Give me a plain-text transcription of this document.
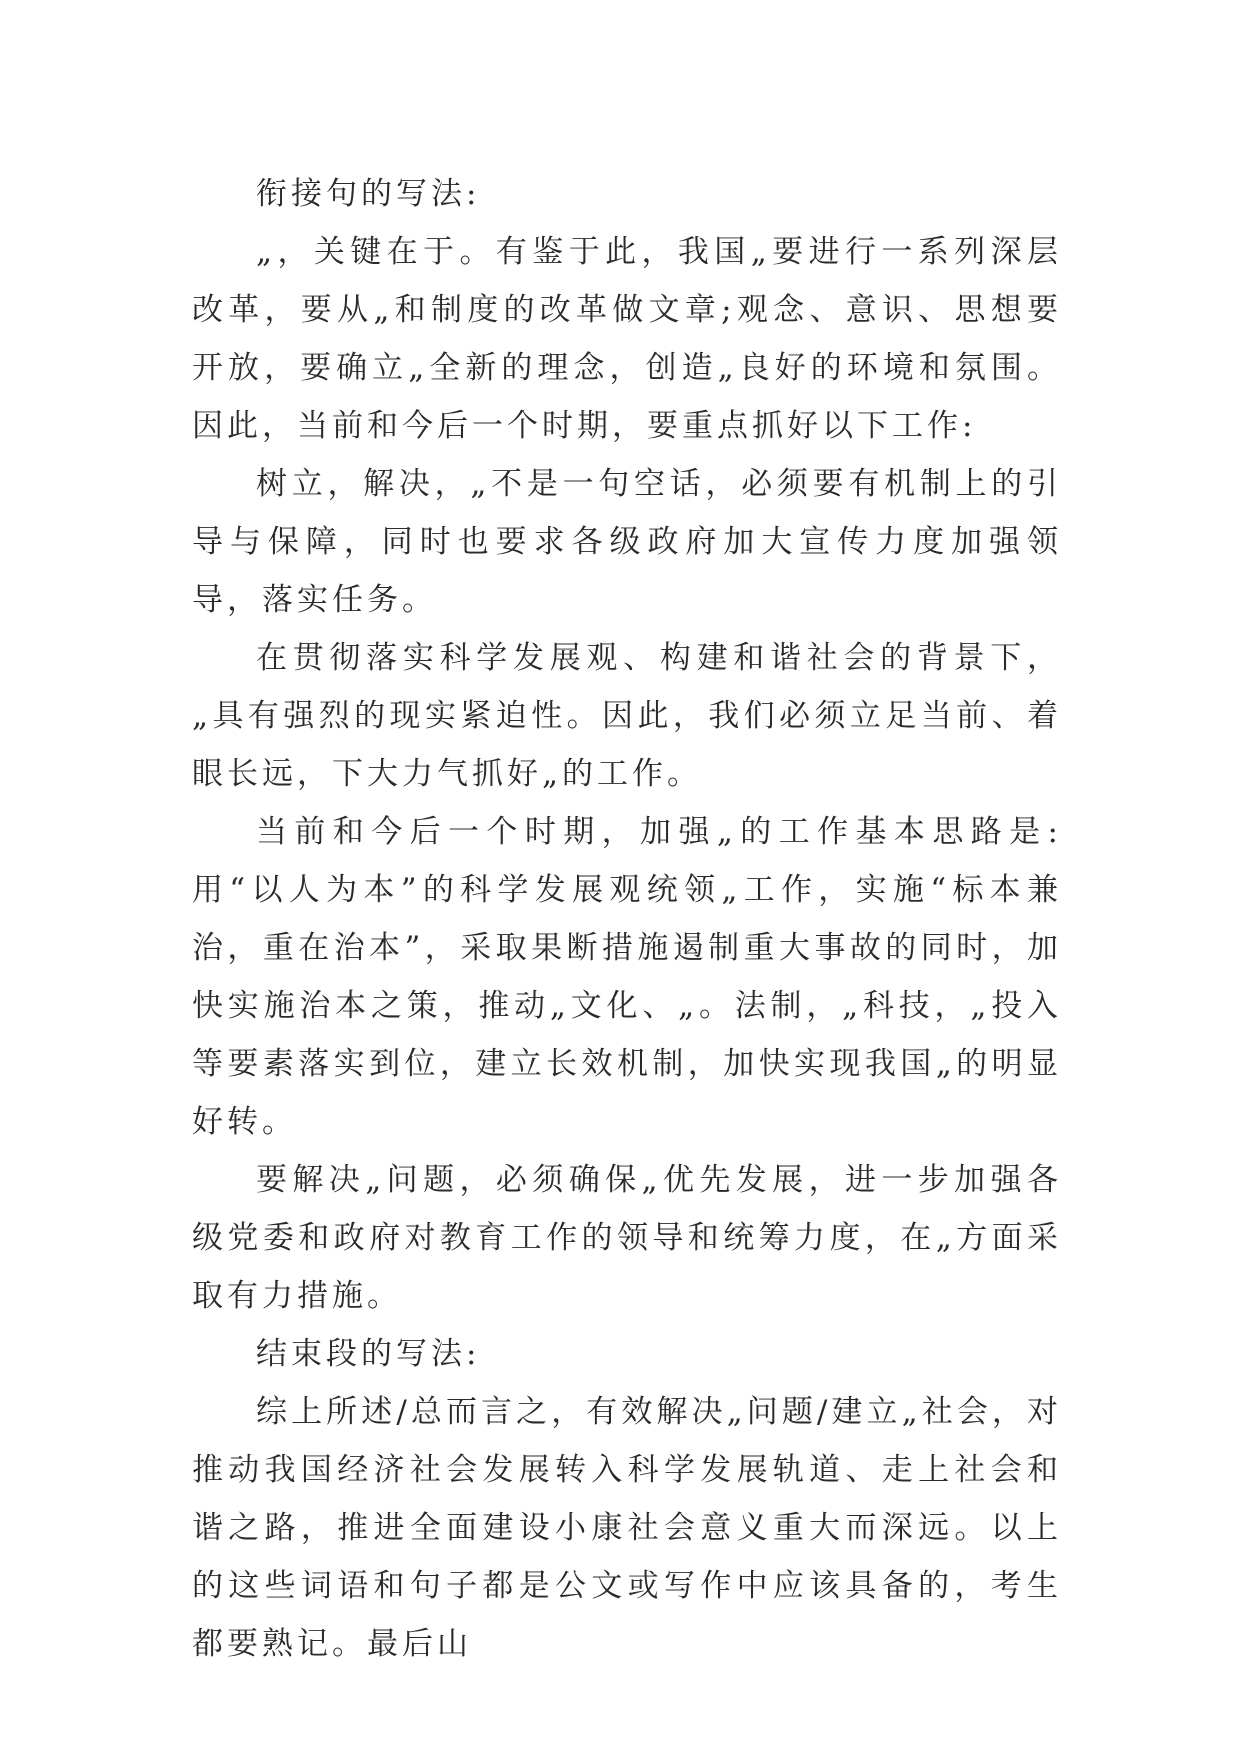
衔接句的写法:

„，关键在于。有鉴于此，我国„要进行一系列深层改革，要从„和制度的改革做文章;观念、意识、思想要开放，要确立„全新的理念，创造„良好的环境和氛围。因此，当前和今后一个时期，要重点抓好以下工作:

树立，解决，„不是一句空话，必须要有机制上的引导与保障，同时也要求各级政府加大宣传力度加强领导，落实任务。

在贯彻落实科学发展观、构建和谐社会的背景下，„具有强烈的现实紧迫性。因此，我们必须立足当前、着眼长远，下大力气抓好„的工作。

当前和今后一个时期，加强„的工作基本思路是:用“以人为本”的科学发展观统领„工作，实施“标本兼治，重在治本”，采取果断措施遏制重大事故的同时，加快实施治本之策，推动„文化、„。法制，„科技，„投入等要素落实到位，建立长效机制，加快实现我国„的明显好转。

要解决„问题，必须确保„优先发展，进一步加强各级党委和政府对教育工作的领导和统筹力度，在„方面采取有力措施。

结束段的写法:

综上所述/总而言之，有效解决„问题/建立„社会，对推动我国经济社会发展转入科学发展轨道、走上社会和谐之路，推进全面建设小康社会意义重大而深远。以上的这些词语和句子都是公文或写作中应该具备的，考生都要熟记。最后山
